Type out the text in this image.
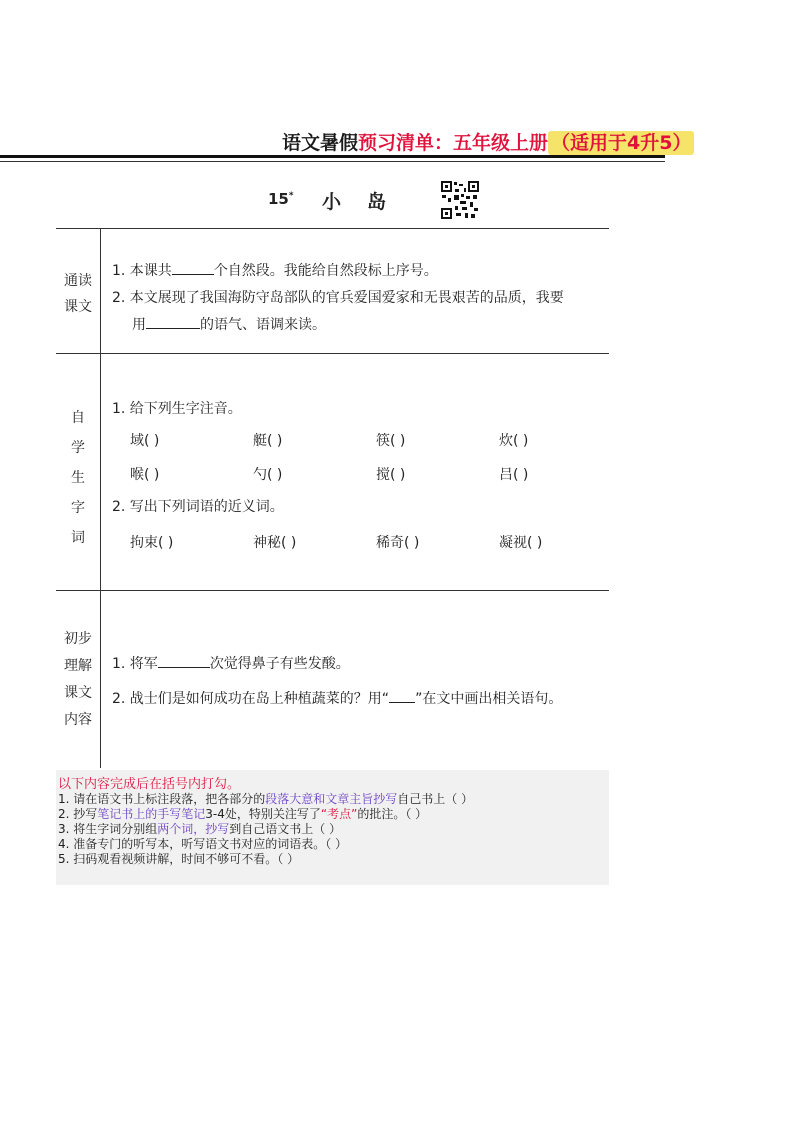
语文暑假预习清单：五年级上册 （适用于4升5）
15* 小岛
通读
课文
1. 本课共	个自然段。我能给自然段标上序号。
2. 本文展现了我国海防守岛部队的官兵爱国爱家和无畏艰苦的品质，我要
用	的语气、语调来读。
自
学
生
字
词
1. 给下列生字注音。
域( )	艇( )	筷( )	炊( )
喉( )	勺( )	搅( )	吕( )
2. 写出下列词语的近义词。
拘束( )	神秘( )	稀奇( )	凝视( )
初步
理解
课文
内容
1. 将军	次觉得鼻子有些发酸。
2. 战士们是如何成功在岛上种植蔬菜的？用“ ”在文中画出相关语句。
以下内容完成后在括号内打勾。
1. 请在语文书上标注段落，把各部分的段落大意和文章主旨抄写自己书上（ ）
2. 抄写笔记书上的手写笔记3-4处，特别关注写了“考点”的批注。（ ）
3. 将生字词分别组两个词，抄写到自己语文书上（ ）
4. 准备专门的听写本，听写语文书对应的词语表。（ ）
5. 扫码观看视频讲解，时间不够可不看。（ ）
